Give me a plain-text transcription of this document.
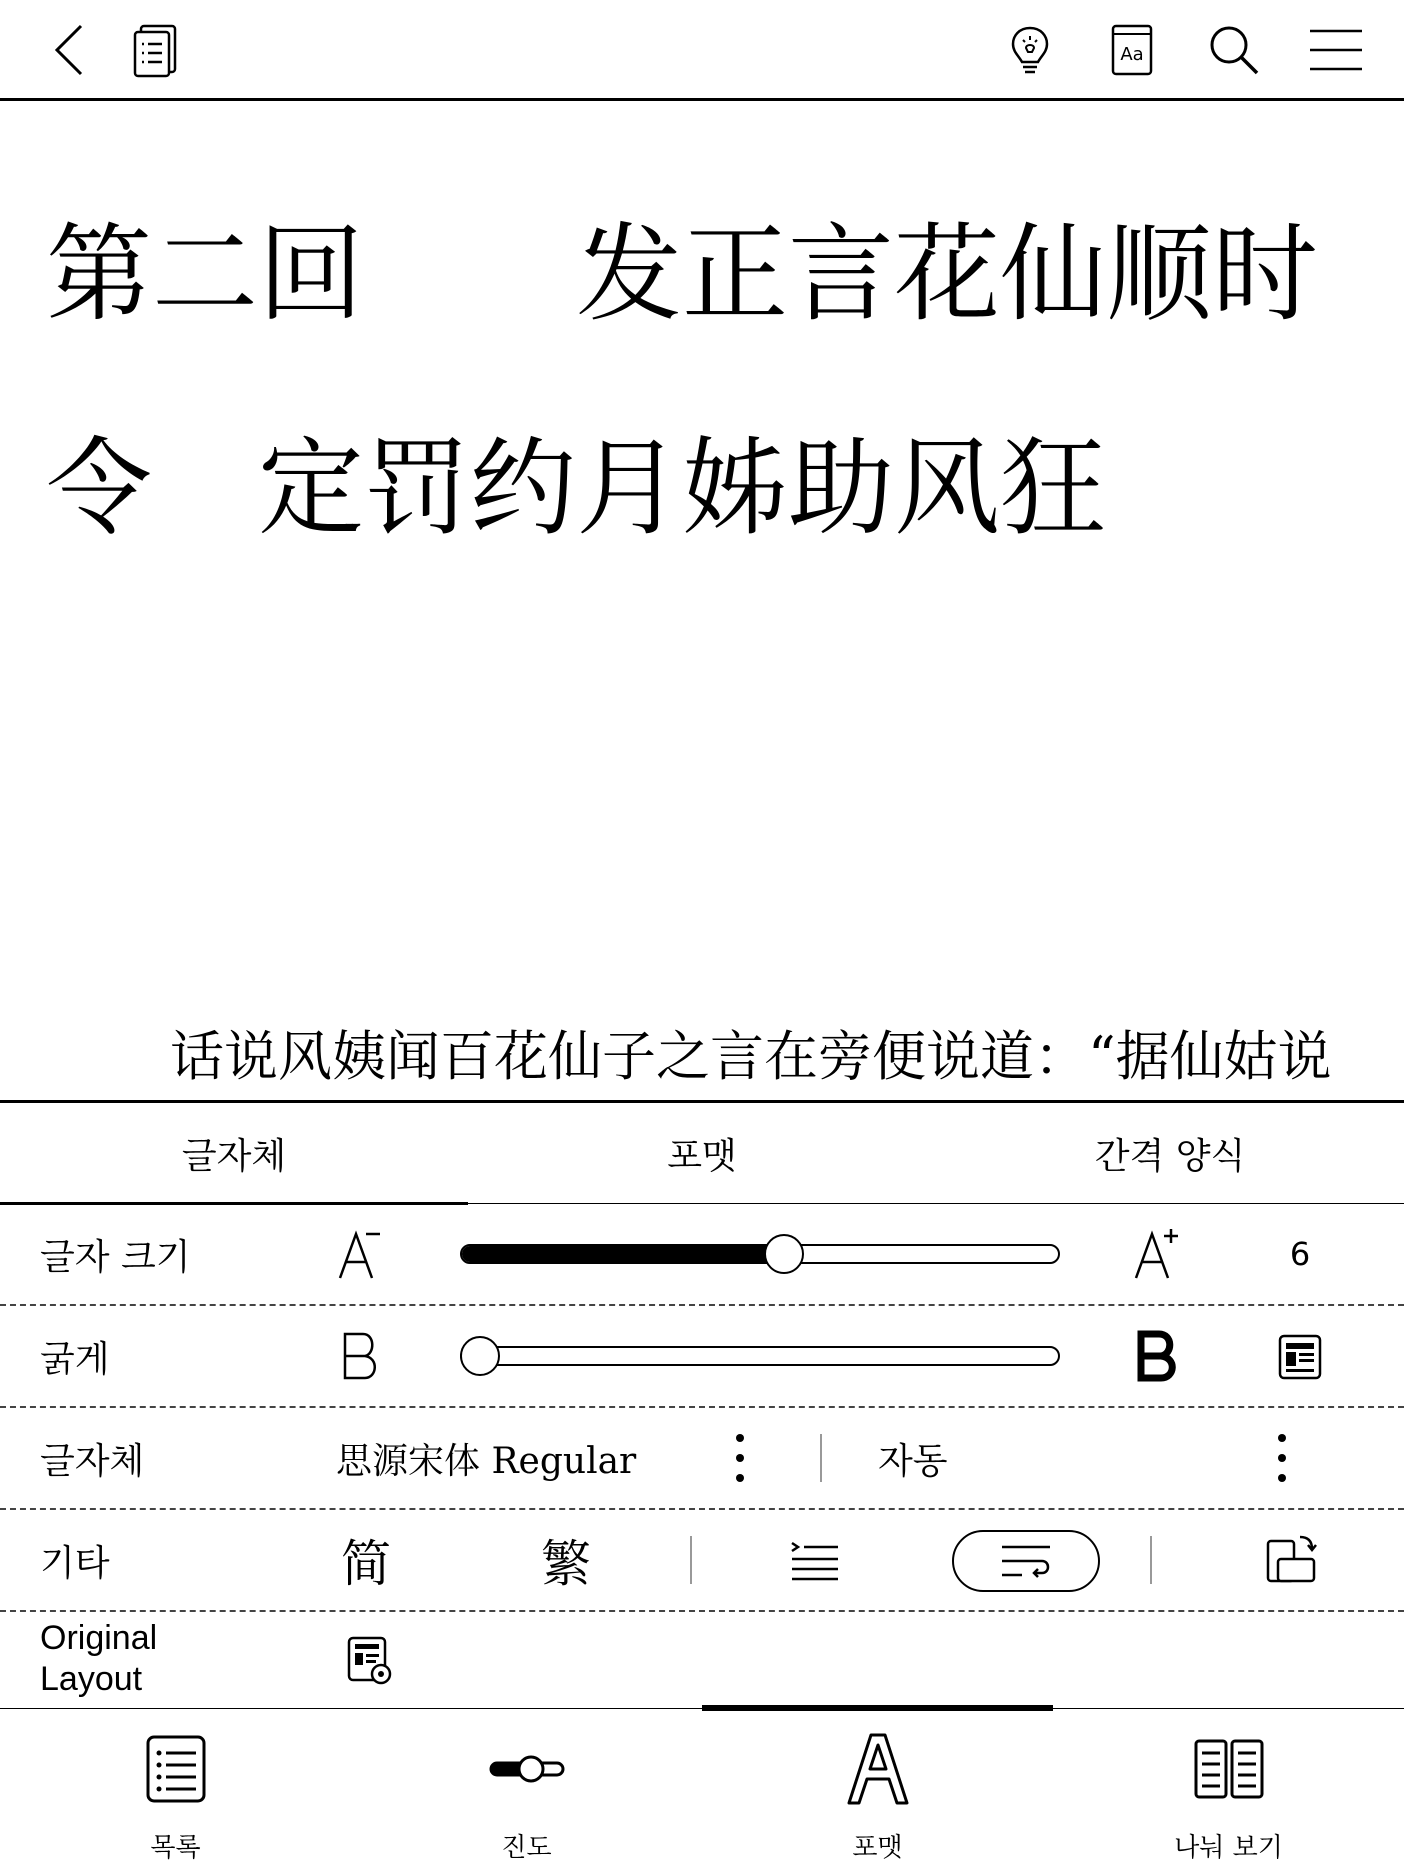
Aa
第二回　　发正言花仙顺时
令　定罚约月姊助风狂
话说风姨闻百花仙子之言在旁便说道：“据仙姑说
글자체	포맷	간격 양식
글자 크기	6
굵게
글자체	思源宋体 Regular	자동
기타	简	繁
Original
Layout
목록	진도	포맷	나눠 보기
